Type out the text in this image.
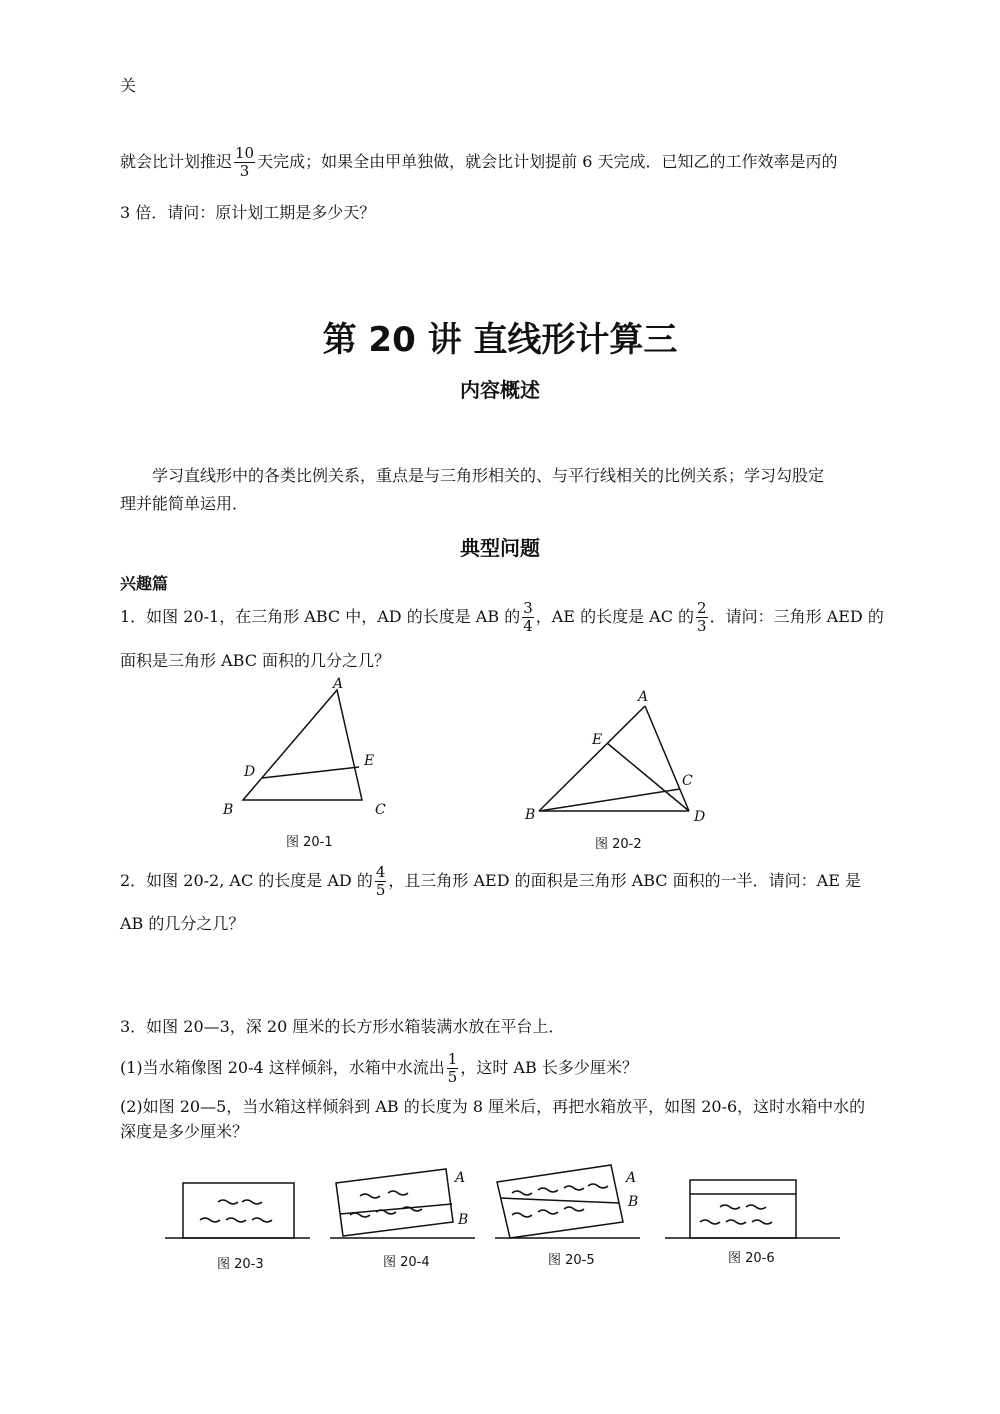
关
就会比计划推迟 $\frac{10}{3}$ 天完成；如果全由甲单独做，就会比计划提前 6 天完成．已知乙的工作效率是丙的
3 倍．请问：原计划工期是多少天？
第 20 讲 直线形计算三
内容概述
学习直线形中的各类比例关系，重点是与三角形相关的、与平行线相关的比例关系；学习勾股定
理并能简单运用．
典型问题
兴趣篇
1．如图 20-1，在三角形 ABC 中，AD 的长度是 AB 的 $\frac{3}{4}$ ，AE 的长度是 AC 的 $\frac{2}{3}$ ．请问：三角形 AED 的
面积是三角形 ABC 面积的几分之几？
A
D
E
B	C
图 20-1
A
E
C
B	D
图 20-2
2．如图 20-2, AC 的长度是 AD 的 $\frac{4}{5}$ ，且三角形 AED 的面积是三角形 ABC 面积的一半．请问：AE 是
AB 的几分之几？
3．如图 20—3，深 20 厘米的长方形水箱装满水放在平台上．
(1)当水箱像图 20-4 这样倾斜，水箱中水流出 $\frac{1}{5}$ ，这时 AB 长多少厘米？
(2)如图 20—5，当水箱这样倾斜到 AB 的长度为 8 厘米后，再把水箱放平，如图 20-6，这时水箱中水的
深度是多少厘米？
A
B
A
B
图 20-3	图 20-4	图 20-5	图 20-6
